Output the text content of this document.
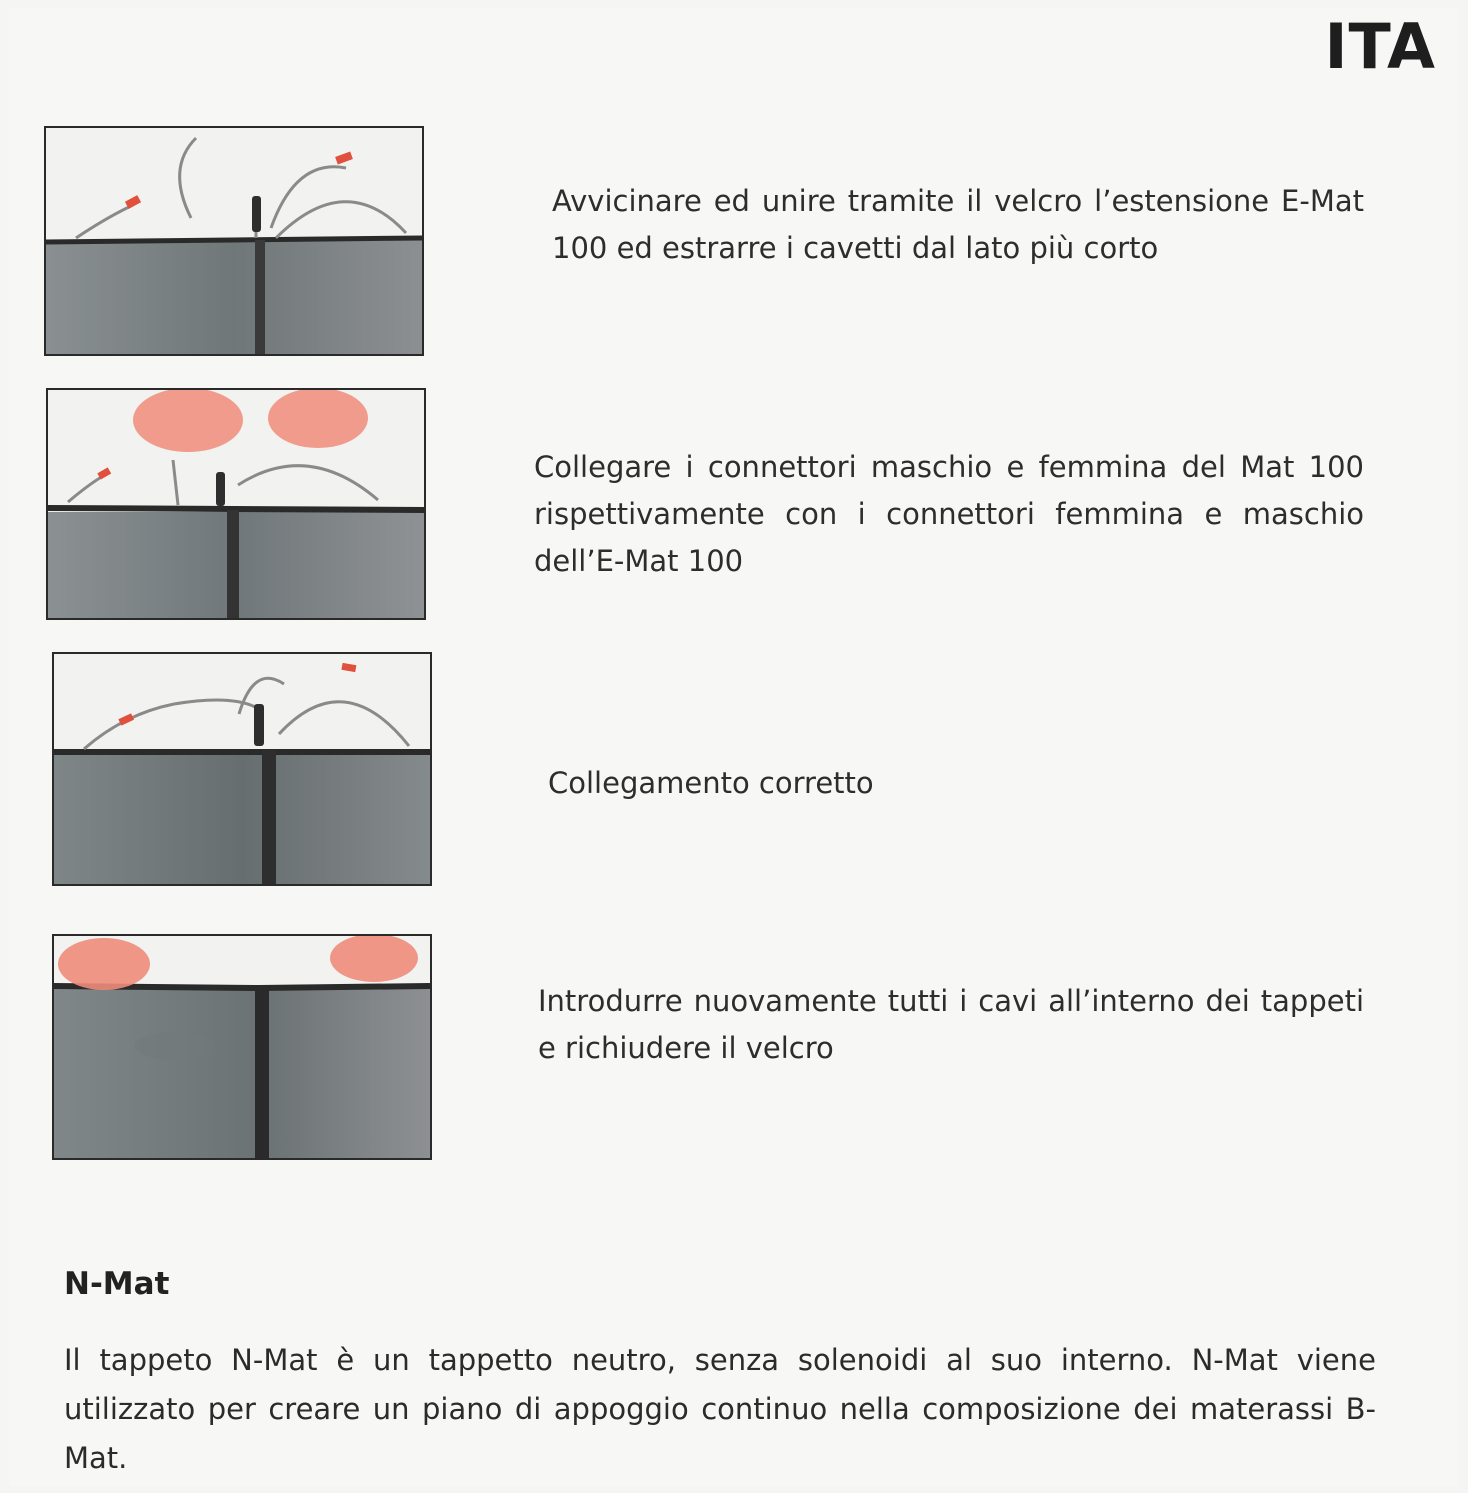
ITA

Avvicinare ed unire tramite il velcro l’estensione E-Mat 100 ed estrarre i cavetti dal lato più corto

Collegare i connettori maschio e femmina del Mat 100 rispettivamente con i connettori femmina e maschio dell’E-Mat 100

Collegamento corretto

Introdurre nuovamente tutti i cavi all’interno dei tappeti e richiudere il velcro

N-Mat

Il tappeto N-Mat è un tappetto neutro, senza solenoidi al suo interno. N-Mat viene utilizzato per creare un piano di appoggio continuo nella composizione dei materassi B-Mat.
